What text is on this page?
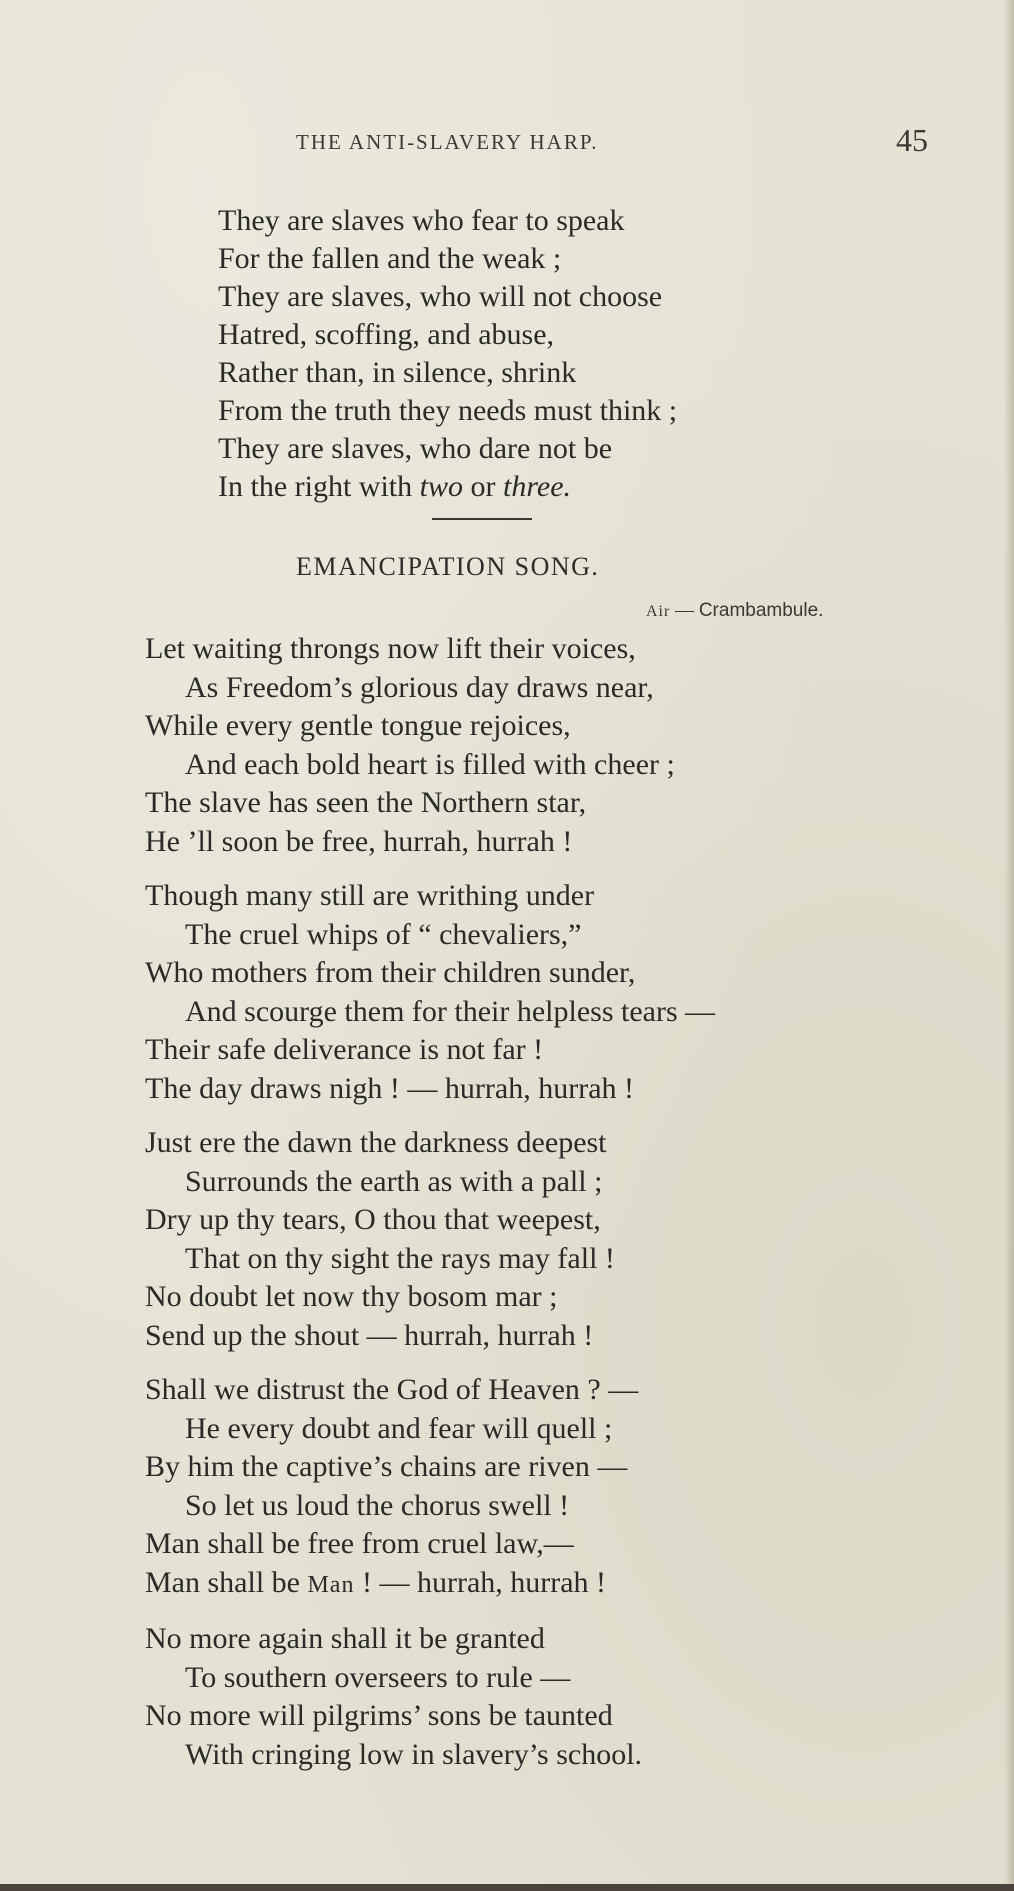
THE ANTI-SLAVERY HARP.	45
They are slaves who fear to speak
For the fallen and the weak ;
They are slaves, who will not choose
Hatred, scoffing, and abuse,
Rather than, in silence, shrink
From the truth they needs must think ;
They are slaves, who dare not be
In the right with two or three.
EMANCIPATION SONG.
Air — Crambambule.
Let waiting throngs now lift their voices,
As Freedom’s glorious day draws near,
While every gentle tongue rejoices,
And each bold heart is filled with cheer ;
The slave has seen the Northern star,
He ’ll soon be free, hurrah, hurrah !
Though many still are writhing under
The cruel whips of “ chevaliers,”
Who mothers from their children sunder,
And scourge them for their helpless tears —
Their safe deliverance is not far !
The day draws nigh ! — hurrah, hurrah !
Just ere the dawn the darkness deepest
Surrounds the earth as with a pall ;
Dry up thy tears, O thou that weepest,
That on thy sight the rays may fall !
No doubt let now thy bosom mar ;
Send up the shout — hurrah, hurrah !
Shall we distrust the God of Heaven ? —
He every doubt and fear will quell ;
By him the captive’s chains are riven —
So let us loud the chorus swell !
Man shall be free from cruel law,—
Man shall be Man ! — hurrah, hurrah !
No more again shall it be granted
To southern overseers to rule —
No more will pilgrims’ sons be taunted
With cringing low in slavery’s school.
